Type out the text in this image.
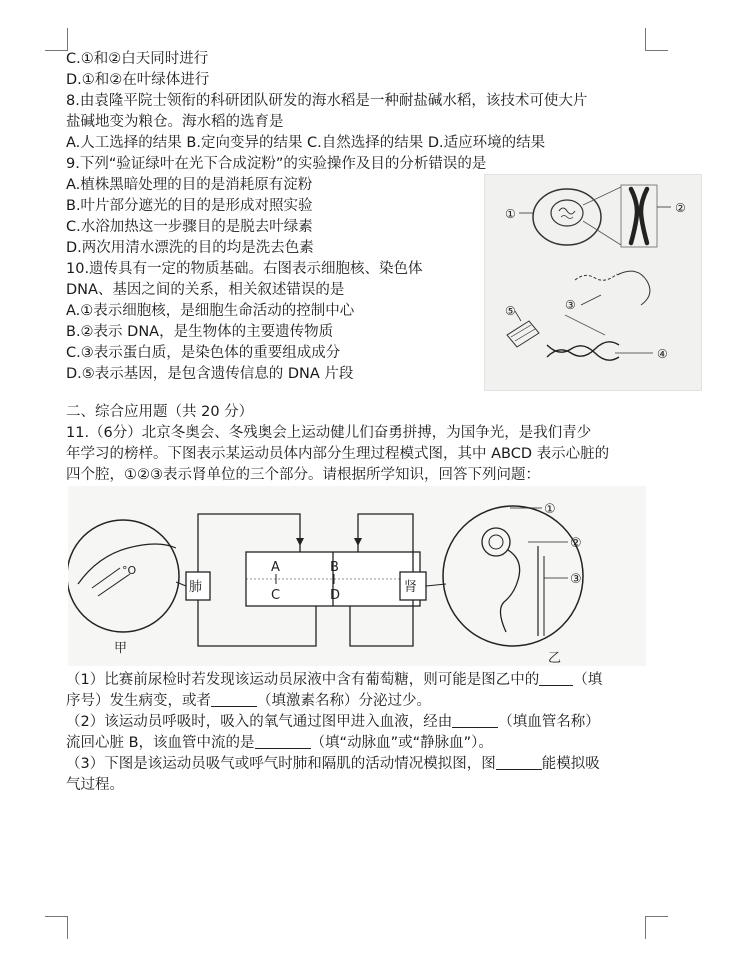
C.①和②白天同时进行
D.①和②在叶绿体进行
8.由袁隆平院士领衔的科研团队研发的海水稻是一种耐盐碱水稻，该技术可使大片
盐碱地变为粮仓。海水稻的选育是
A.人工选择的结果 B.定向变异的结果 C.自然选择的结果 D.适应环境的结果
9.下列“验证绿叶在光下合成淀粉”的实验操作及目的分析错误的是
A.植株黑暗处理的目的是消耗原有淀粉
B.叶片部分遮光的目的是形成对照实验
C.水浴加热这一步骤目的是脱去叶绿素
D.两次用清水漂洗的目的均是洗去色素
10.遗传具有一定的物质基础。右图表示细胞核、染色体
DNA、基因之间的关系，相关叙述错误的是
A.①表示细胞核，是细胞生命活动的控制中心
B.②表示 DNA，是生物体的主要遗传物质
C.③表示蛋白质，是染色体的重要组成成分
D.⑤表示基因，是包含遗传信息的 DNA 片段
①	②
③
④
⑤
二、综合应用题（共 20 分）
11.（6分）北京冬奥会、冬残奥会上运动健儿们奋勇拼搏，为国争光，是我们青少
年学习的榜样。下图表示某运动员体内部分生理过程模式图，其中 ABCD 表示心脏的
四个腔，①②③表示肾单位的三个部分。请根据所学知识，回答下列问题：
°O
甲
肺
A	B
C	D
肾
①
②
③
乙
（1）比赛前尿检时若发现该运动员尿液中含有葡萄糖，则可能是图乙中的 （填
序号）发生病变，或者	（填激素名称）分泌过少。
（2）该运动员呼吸时，吸入的氧气通过图甲进入血液，经由	（填血管名称）
流回心脏 B，该血管中流的是	（填“动脉血”或“静脉血”）。
（3）下图是该运动员吸气或呼气时肺和隔肌的活动情况模拟图，图	能模拟吸
气过程。
